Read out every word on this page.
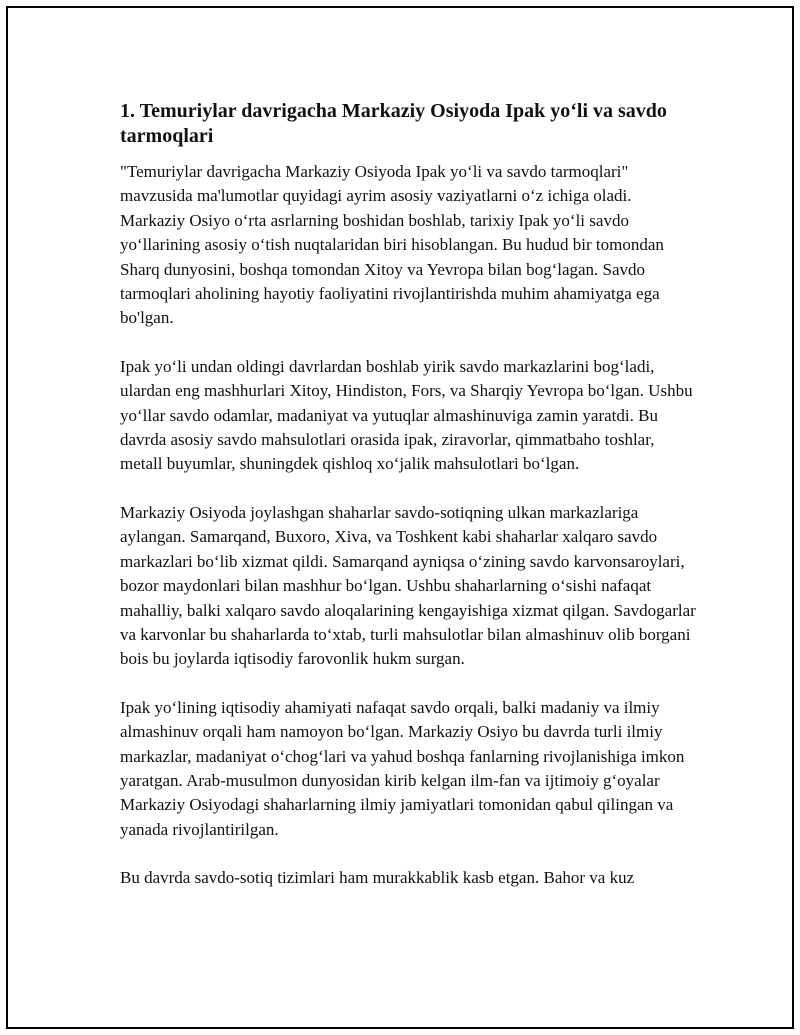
1. Temuriylar davrigacha Markaziy Osiyoda Ipak yo‘li va savdo tarmoqlari

"Temuriylar davrigacha Markaziy Osiyoda Ipak yo‘li va savdo tarmoqlari" mavzusida ma'lumotlar quyidagi ayrim asosiy vaziyatlarni o‘z ichiga oladi. Markaziy Osiyo o‘rta asrlarning boshidan boshlab, tarixiy Ipak yo‘li savdo yo‘llarining asosiy o‘tish nuqtalaridan biri hisoblangan. Bu hudud bir tomondan Sharq dunyosini, boshqa tomondan Xitoy va Yevropa bilan bog‘lagan. Savdo tarmoqlari aholining hayotiy faoliyatini rivojlantirishda muhim ahamiyatga ega bo'lgan.

Ipak yo‘li undan oldingi davrlardan boshlab yirik savdo markazlarini bog‘ladi, ulardan eng mashhurlari Xitoy, Hindiston, Fors, va Sharqiy Yevropa bo‘lgan. Ushbu yo‘llar savdo odamlar, madaniyat va yutuqlar almashinuviga zamin yaratdi. Bu davrda asosiy savdo mahsulotlari orasida ipak, ziravorlar, qimmatbaho toshlar, metall buyumlar, shuningdek qishloq xo‘jalik mahsulotlari bo‘lgan.

Markaziy Osiyoda joylashgan shaharlar savdo-sotiqning ulkan markazlariga aylangan. Samarqand, Buxoro, Xiva, va Toshkent kabi shaharlar xalqaro savdo markazlari bo‘lib xizmat qildi. Samarqand ayniqsa o‘zining savdo karvonsaroylari, bozor maydonlari bilan mashhur bo‘lgan. Ushbu shaharlarning o‘sishi nafaqat mahalliy, balki xalqaro savdo aloqalarining kengayishiga xizmat qilgan. Savdogarlar va karvonlar bu shaharlarda to‘xtab, turli mahsulotlar bilan almashinuv olib borgani bois bu joylarda iqtisodiy farovonlik hukm surgan.

Ipak yo‘lining iqtisodiy ahamiyati nafaqat savdo orqali, balki madaniy va ilmiy almashinuv orqali ham namoyon bo‘lgan. Markaziy Osiyo bu davrda turli ilmiy markazlar, madaniyat o‘chog‘lari va yahud boshqa fanlarning rivojlanishiga imkon yaratgan. Arab-musulmon dunyosidan kirib kelgan ilm-fan va ijtimoiy g‘oyalar Markaziy Osiyodagi shaharlarning ilmiy jamiyatlari tomonidan qabul qilingan va yanada rivojlantirilgan.

Bu davrda savdo-sotiq tizimlari ham murakkablik kasb etgan. Bahor va kuz
